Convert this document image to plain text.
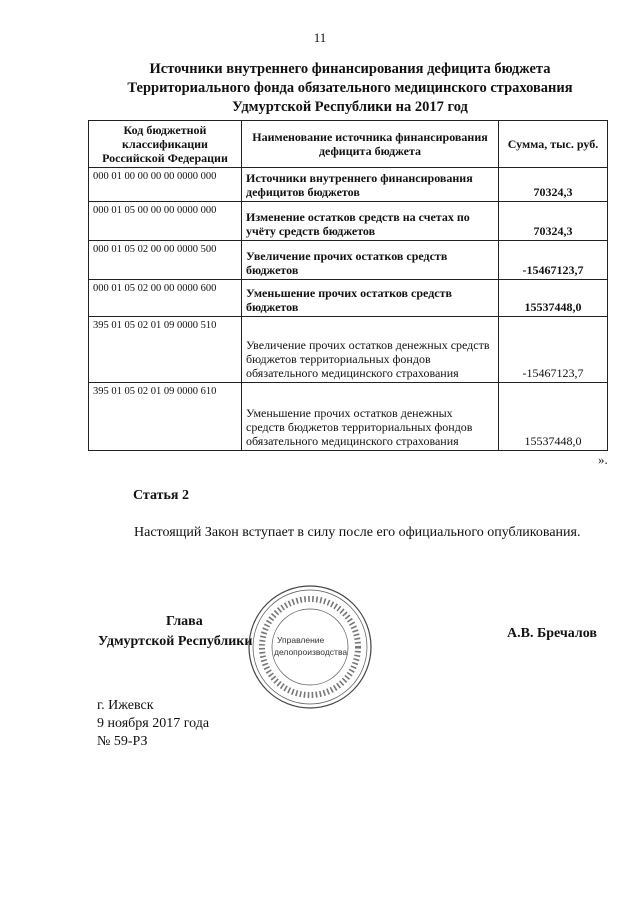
11
Источники внутреннего финансирования дефицита бюджета
Территориального фонда обязательного медицинского страхования
Удмуртской Республики на 2017 год
Код бюджетной классификации Российской Федерации	Наименование источника финансирования дефицита бюджета	Сумма, тыс. руб.
000 01 00 00 00 00 0000 000	Источники внутреннего финансирования дефицитов бюджетов	70324,3
000 01 05 00 00 00 0000 000	Изменение остатков средств на счетах по учёту средств бюджетов	70324,3
000 01 05 02 00 00 0000 500	Увеличение прочих остатков средств бюджетов	-15467123,7
000 01 05 02 00 00 0000 600	Уменьшение прочих остатков средств бюджетов	15537448,0
395 01 05 02 01 09 0000 510	Увеличение прочих остатков денежных средств бюджетов территориальных фондов обязательного медицинского страхования	-15467123,7
395 01 05 02 01 09 0000 610	Уменьшение прочих остатков денежных средств бюджетов территориальных фондов обязательного медицинского страхования	15537448,0
».
Статья 2
Настоящий Закон вступает в силу после его официального опубликования.
Глава
Удмуртской Республики	Управление
делопроизводства
А.В. Бречалов
г. Ижевск
9 ноября 2017 года
№ 59-РЗ
